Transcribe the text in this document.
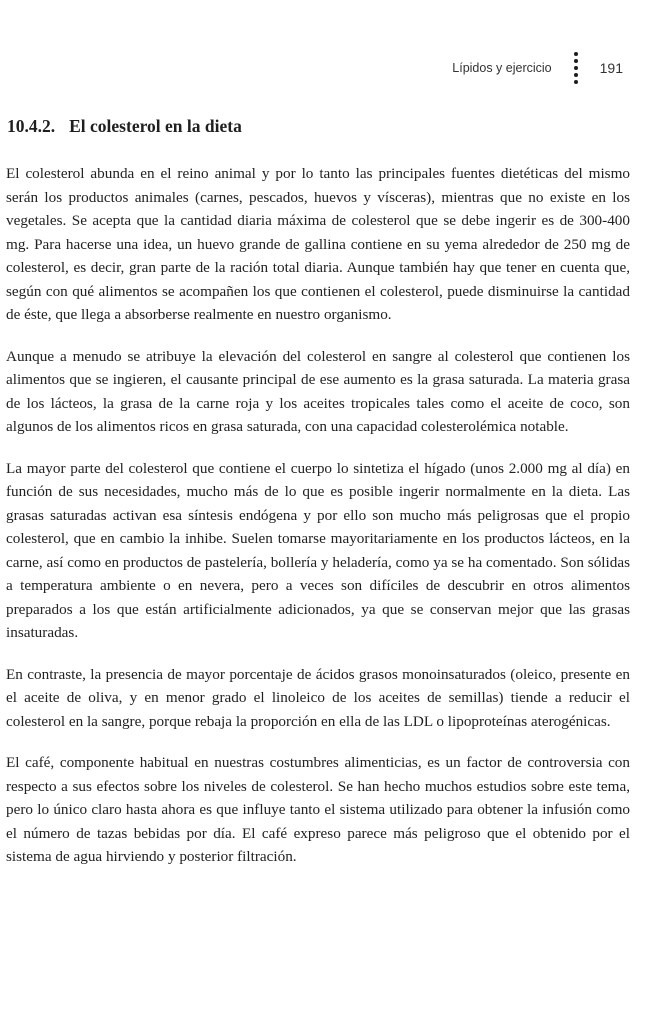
Lípidos y ejercicio	191
10.4.2. El colesterol en la dieta

El colesterol abunda en el reino animal y por lo tanto las principales fuentes dietéticas del mismo serán los productos animales (carnes, pescados, huevos y vísceras), mientras que no existe en los vegetales. Se acepta que la cantidad diaria máxima de colesterol que se debe ingerir es de 300-400 mg. Para hacerse una idea, un huevo grande de gallina contiene en su yema alrededor de 250 mg de colesterol, es decir, gran parte de la ración total diaria. Aunque también hay que tener en cuenta que, según con qué alimentos se acompañen los que contienen el colesterol, puede disminuirse la cantidad de éste, que llega a absorberse realmente en nuestro organismo.

Aunque a menudo se atribuye la elevación del colesterol en sangre al colesterol que contienen los alimentos que se ingieren, el causante principal de ese aumento es la grasa saturada. La materia grasa de los lácteos, la grasa de la carne roja y los aceites tropicales tales como el aceite de coco, son algunos de los alimentos ricos en grasa saturada, con una capacidad colesterolémica notable.

La mayor parte del colesterol que contiene el cuerpo lo sintetiza el hígado (unos 2.000 mg al día) en función de sus necesidades, mucho más de lo que es posible ingerir normalmente en la dieta. Las grasas saturadas activan esa síntesis endógena y por ello son mucho más peligrosas que el propio colesterol, que en cambio la inhibe. Suelen tomarse mayoritariamente en los productos lácteos, en la carne, así como en productos de pastelería, bollería y heladería, como ya se ha comentado. Son sólidas a temperatura ambiente o en nevera, pero a veces son difíciles de descubrir en otros alimentos preparados a los que están artificialmente adicionados, ya que se conservan mejor que las grasas insaturadas.

En contraste, la presencia de mayor porcentaje de ácidos grasos monoinsaturados (oleico, presente en el aceite de oliva, y en menor grado el linoleico de los aceites de semillas) tiende a reducir el colesterol en la sangre, porque rebaja la proporción en ella de las LDL o lipoproteínas aterogénicas.

El café, componente habitual en nuestras costumbres alimenticias, es un factor de controversia con respecto a sus efectos sobre los niveles de colesterol. Se han hecho muchos estudios sobre este tema, pero lo único claro hasta ahora es que influye tanto el sistema utilizado para obtener la infusión como el número de tazas bebidas por día. El café expreso parece más peligroso que el obtenido por el sistema de agua hirviendo y posterior filtración.
